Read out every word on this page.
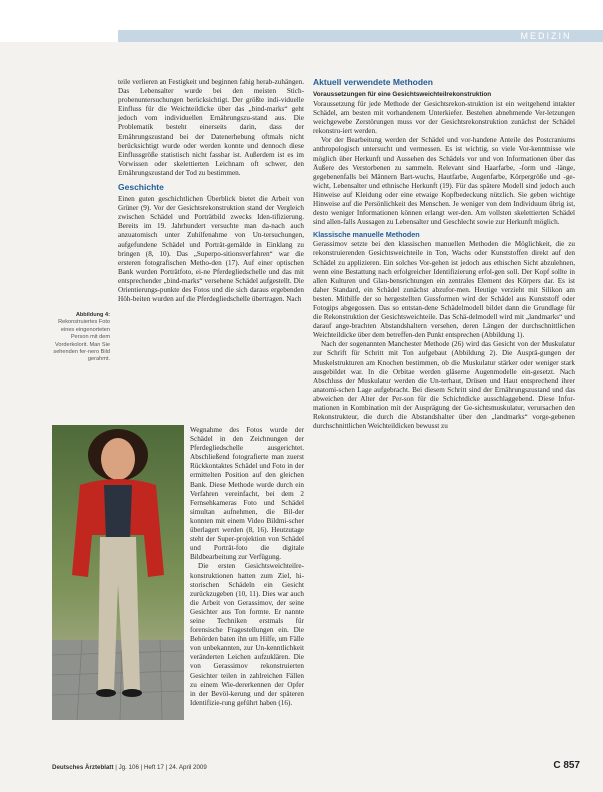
MEDIZIN

teile verlieren an Festigkeit und beginnen fahig herab-zuhängen. Das Lebensalter wurde bei den meisten Stich-probenuntersuchungen berücksichtigt. Der größte indi-viduelle Einfluss für die Weichteildicke über das „bind-marks“ geht jedoch vom individuellen Ernährungszu-stand aus. Die Problematik besteht einerseits darin, dass der Ernährungszustand bei der Datenerhebung oftmals nicht berücksichtigt wurde oder werden konnte und dennoch diese Einflussgröße statistisch nicht fassbar ist. Außerdem ist es im Vorwissen oder skelettierten Leichnam oft schwer, den Ernährungszustand der Tod zu bestimmen.

Geschichte

Einen guten geschichtlichen Überblick bietet die Arbeit von Grüner (9). Vor der Gesichtsrekonstruktion stand der Vergleich zwischen Schädel und Porträtbild zwecks Iden-tifizierung. Bereits im 19. Jahrhundert versuchte man da-nach auch anzuatomisch unter Zuhilfenahme von Un-tersuchungen, aufgefundene Schädel und Porträt-gemälde in Einklang zu bringen (8, 10). Das „Superpo-sitionsverfahren“ war die ersteren fotografischen Metho-den (17). Auf einer optischen Bank wurden Porträtfoto, ei-ne Pferdegliedschelle und das mit entsprechender „bind-marks“ versehene Schädel aufgestellt. Die Orientierungs-punkte des Fotos und die sich daraus ergebenden Höh-beiten wurden auf die Pferdegliedschelle übertragen. Nach

Abbildung 4: Rekonstruiertes Foto eines eingenorteten Person mit dem Vorderkolorit. Man Sie sehenden fer-nero Bild gerahmt.

Wegnahme des Fotos wurde der Schädel in den Zeichnungen der Pferdegliedschelle ausgerichtet. Abschließend fotografierte man zuerst Rückkontaktes Schädel und Foto in der ermittelten Position auf den gleichen Bank. Diese Methode wurde durch ein Verfahren vereinfacht, bei dem 2 Fernsehkameras Foto und Schädel simultan aufnehmen, die Bil-der konnten mit einem Video Bildmi-scher überlagert werden (8, 16). Heutzutage steht der Super-projektion von Schädel und Porträt-foto die digitale Bildbearbeitung zur Verfügung.

Die ersten Gesichtsweichteilre-konstruktionen hatten zum Ziel, hi-storischen Schädeln ein Gesicht zurückzugeben (10, 11). Dies war auch die Arbeit von Gerassimov, der seine Gesichter aus Ton formte. Er nannte seine Techniken erstmals für forensische Fragestellungen ein. Die Behörden baten ihn um Hilfe, um Fälle von unbekannten, zur Un-kenntlichkeit veränderten Leichen aufzuklären. Die von Gerassimov rekonstruierten Gesichter teilen in zahlreichen Fällen zu einem Wie-dererkennen der Opfer in der Bevöl-kerung und der späteren Identifizie-rung geführt haben (16).

Aktuell verwendete Methoden
Voraussetzungen für eine Gesichtsweichteilrekonstruktion

Voraussetzung für jede Methode der Gesichtsrekon-struktion ist ein weitgehend intakter Schädel, am besten mit vorhandenem Unterkiefer. Bestehen abnehmende Ver-letzungen weichgewebe Zerstörungen muss vor der Gesichtsrekonstruktion zunächst der Schädel rekonstru-iert werden.

Vor der Bearbeitung werden der Schädel und vor-handene Anteile des Postcraniums anthropologisch untersucht und vermessen. Es ist wichtig, so viele Vor-kenntnisse wie möglich über Herkunft und Aussehen des Schädels vor und von Informationen über das Äußere des Verstorbenen zu sammeln. Relevant sind Haarfarbe, -form und -länge, gegebenenfalls bei Männern Bart-wuchs, Hautfarbe, Augenfarbe, Körpergröße und -ge-wicht, Lebensalter und ethnische Herkunft (19). Für das spätere Modell sind jedoch auch Hinweise auf Kleidung oder eine etwaige Kopfbedeckung nützlich. Sie geben wichtige Hinweise auf die Persönlichkeit des Menschen. Je weniger von dem Individuum übrig ist, desto weniger Informationen können erlangt wer-den. Am vollsten skelettierten Schädel sind allen-falls Aussagen zu Lebensalter und Geschlecht sowie zur Herkunft möglich.

Klassische manuelle Methoden

Gerassimov setzte bei den klassischen manuellen Methoden die Möglichkeit, die zu rekonstruierenden Gesichtsweichteile in Ton, Wachs oder Kunststoffen direkt auf den Schädel zu applizieren. Ein solches Vor-gehen ist jedoch aus ethischen Sicht abzulehnen, wenn eine Bestattung nach erfolgreicher Identifizierung erfol-gen soll. Der Kopf sollte in allen Kulturen und Glau-bensrichtungen ein zentrales Element des Körpers dar. Es ist daher Standard, ein Schädel zunächst abzufor-men. Heutige verzieht mit Silikon am besten. Mithilfe der so hergestellten Gussformen wird der Schädel aus Kunststoff oder Fotogips abgegossen. Das so entstan-dene Schädelmodell bildet dann die Grundlage für die Rekonstruktion der Gesichtsweichteile. Das Schä-delmodell wird mit „landmarks“ und darauf ange-brachten Abstandshaltern versehen, deren Längen der durchschnittlichen Weichteildicke über dem betreffen-den Punkt entsprechen (Abbildung 1).

Nach der sogenannten Manchester Methode (26) wird das Gesicht von der Muskulatur zur Schrift für Schritt mit Ton aufgebaut (Abbildung 2). Die Ausprä-gungen der Muskelstrukturen am Knochen bestimmen, ob die Muskulatur stärker oder weniger stark ausgebildet war. In die Orbitae werden gläserne Augenmodelle ein-gesetzt. Nach Abschluss der Muskulatur werden die Un-terhaut, Drüsen und Haut entsprechend ihrer anatomi-schen Lage aufgebracht. Bei diesem Schritt sind der Ernährungszustand und das abweichen der Alter der Per-son für die Schichtdicke ausschlaggebend. Diese Infor-mationen in Kombination mit der Ausprägung der Ge-sichtsmuskulatur, verursachen den Rekonstrukteur, die durch die Abstandshalter über den „landmarks“ vorge-gebenen durchschnittlichen Weichteildicken bewusst zu

Deutsches Ärzteblatt | Jg. 106 | Heft 17 | 24. April 2009	C 857
